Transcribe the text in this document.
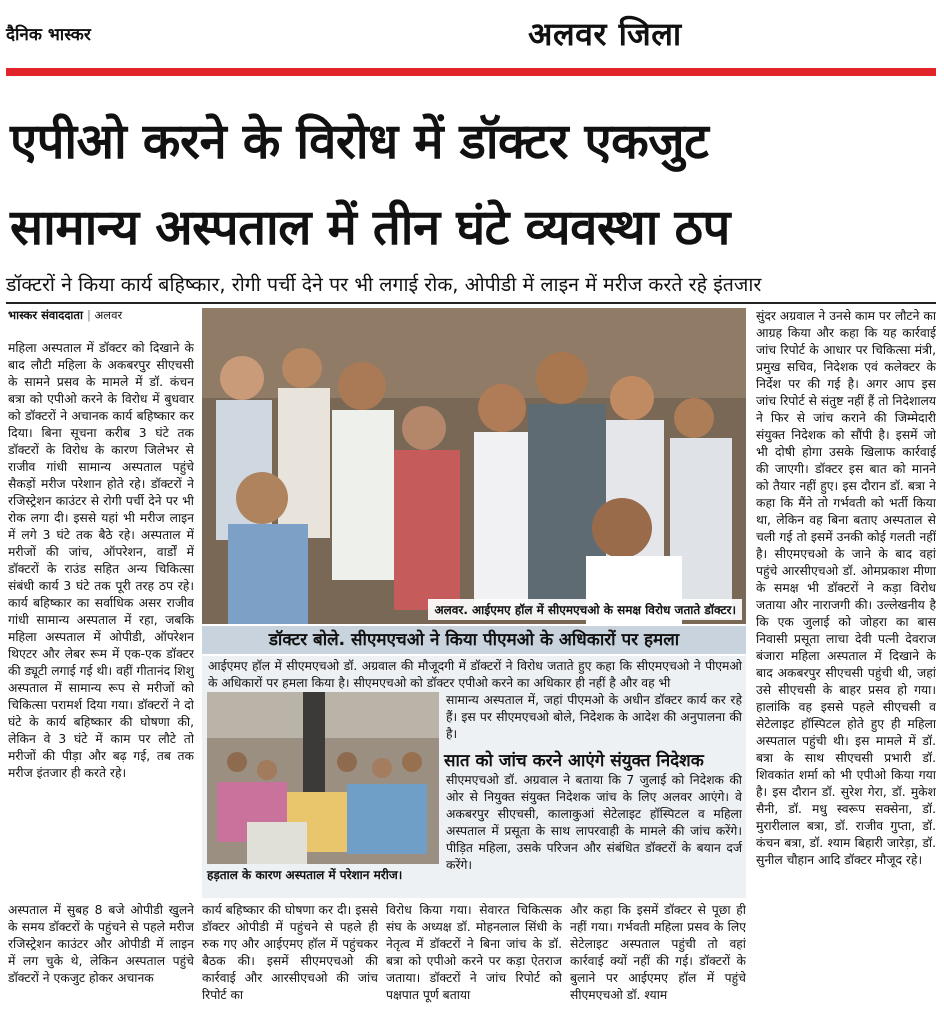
दैनिक भास्कर	अलवर जिला
एपीओ करने के विरोध में डॉक्टर एकजुट
सामान्य अस्पताल में तीन घंटे व्यवस्था ठप
डॉक्टरों ने किया कार्य बहिष्कार, रोगी पर्ची देने पर भी लगाई रोक, ओपीडी में लाइन में मरीज करते रहे इंतजार
भास्कर संवाददाता | अलवर

महिला अस्पताल में डॉक्टर को दिखाने के बाद लौटी महिला के अकबरपुर सीएचसी के सामने प्रसव के मामले में डॉ. कंचन बत्रा को एपीओ करने के विरोध में बुधवार को डॉक्टरों ने अचानक कार्य बहिष्कार कर दिया। बिना सूचना करीब 3 घंटे तक डॉक्टरों के विरोध के कारण जिलेभर से राजीव गांधी सामान्य अस्पताल पहुंचे सैकड़ों मरीज परेशान होते रहे। डॉक्टरों ने रजिस्ट्रेशन काउंटर से रोगी पर्ची देने पर भी रोक लगा दी। इससे यहां भी मरीज लाइन में लगे 3 घंटे तक बैठे रहे। अस्पताल में मरीजों की जांच, ऑपरेशन, वार्डों में डॉक्टरों के राउंड सहित अन्य चिकित्सा संबंधी कार्य 3 घंटे तक पूरी तरह ठप रहे। कार्य बहिष्कार का सर्वाधिक असर राजीव गांधी सामान्य अस्पताल में रहा, जबकि महिला अस्पताल में ओपीडी, ऑपरेशन थिएटर और लेबर रूम में एक-एक डॉक्टर की ड्यूटी लगाई गई थी। वहीं गीतानंद शिशु अस्पताल में सामान्य रूप से मरीजों को चिकित्सा परामर्श दिया गया। डॉक्टरों ने दो घंटे के कार्य बहिष्कार की घोषणा की, लेकिन वे 3 घंटे में काम पर लौटे तो मरीजों की पीड़ा और बढ़ गई, तब तक मरीज इंतजार ही करते रहे।

अलवर. आईएमए हॉल में सीएमएचओ के समक्ष विरोध जताते डॉक्टर।
डॉक्टर बोले. सीएमएचओ ने किया पीएमओ के अधिकारों पर हमला
आईएमए हॉल में सीएमएचओ डॉ. अग्रवाल की मौजूदगी में डॉक्टरों ने विरोध जताते हुए कहा कि सीएमएचओ ने पीएमओ के अधिकारों पर हमला किया है। सीएमएचओ को डॉक्टर एपीओ करने का अधिकार ही नहीं है और वह भी
हड़ताल के कारण अस्पताल में परेशान मरीज।
सामान्य अस्पताल में, जहां पीएमओ के अधीन डॉक्टर कार्य कर रहे हैं। इस पर सीएमएचओ बोले, निदेशक के आदेश की अनुपालना की है।
सात को जांच करने आएंगे संयुक्त निदेशक
सीएमएचओ डॉ. अग्रवाल ने बताया कि 7 जुलाई को निदेशक की ओर से नियुक्त संयुक्त निदेशक जांच के लिए अलवर आएंगे। वे अकबरपुर सीएचसी, कालाकुआं सेटेलाइट हॉस्पिटल व महिला अस्पताल में प्रसूता के साथ लापरवाही के मामले की जांच करेंगे। पीड़ित महिला, उसके परिजन और संबंधित डॉक्टरों के बयान दर्ज करेंगे।
अस्पताल में सुबह 8 बजे ओपीडी खुलने के समय डॉक्टरों के पहुंचने से पहले मरीज रजिस्ट्रेशन काउंटर और ओपीडी में लाइन में लग चुके थे, लेकिन अस्पताल पहुंचे डॉक्टरों ने एकजुट होकर अचानक
कार्य बहिष्कार की घोषणा कर दी। इससे डॉक्टर ओपीडी में पहुंचने से पहले ही रुक गए और आईएमए हॉल में पहुंचकर बैठक की। इसमें सीएमएचओ की कार्रवाई और आरसीएचओ की जांच रिपोर्ट का
विरोध किया गया। सेवारत चिकित्सक संघ के अध्यक्ष डॉ. मोहनलाल सिंधी के नेतृत्व में डॉक्टरों ने बिना जांच के डॉ. बत्रा को एपीओ करने पर कड़ा ऐतराज जताया। डॉक्टरों ने जांच रिपोर्ट को पक्षपात पूर्ण बताया
और कहा कि इसमें डॉक्टर से पूछा ही नहीं गया। गर्भवती महिला प्रसव के लिए सेटेलाइट अस्पताल पहुंची तो वहां कार्रवाई क्यों नहीं की गई। डॉक्टरों के बुलाने पर आईएमए हॉल में पहुंचे सीएमएचओ डॉ. श्याम

सुंदर अग्रवाल ने उनसे काम पर लौटने का आग्रह किया और कहा कि यह कार्रवाई जांच रिपोर्ट के आधार पर चिकित्सा मंत्री, प्रमुख सचिव, निदेशक एवं कलेक्टर के निर्देश पर की गई है। अगर आप इस जांच रिपोर्ट से संतुष्ट नहीं हैं तो निदेशालय ने फिर से जांच कराने की जिम्मेदारी संयुक्त निदेशक को सौंपी है। इसमें जो भी दोषी होगा उसके खिलाफ कार्रवाई की जाएगी। डॉक्टर इस बात को मानने को तैयार नहीं हुए। इस दौरान डॉ. बत्रा ने कहा कि मैंने तो गर्भवती को भर्ती किया था, लेकिन वह बिना बताए अस्पताल से चली गई तो इसमें उनकी कोई गलती नहीं है। सीएमएचओ के जाने के बाद वहां पहुंचे आरसीएचओ डॉ. ओमप्रकाश मीणा के समक्ष भी डॉक्टरों ने कड़ा विरोध जताया और नाराजगी की। उल्लेखनीय है कि एक जुलाई को जोहरा का बास निवासी प्रसूता लाचा देवी पत्नी देवराज बंजारा महिला अस्पताल में दिखाने के बाद अकबरपुर सीएचसी पहुंची थी, जहां उसे सीएचसी के बाहर प्रसव हो गया। हालांकि वह इससे पहले सीएचसी व सेटेलाइट हॉस्पिटल होते हुए ही महिला अस्पताल पहुंची थी। इस मामले में डॉ. बत्रा के साथ सीएचसी प्रभारी डॉ. शिवकांत शर्मा को भी एपीओ किया गया है। इस दौरान डॉ. सुरेश गेरा, डॉ. मुकेश सैनी, डॉ. मधु स्वरूप सक्सेना, डॉ. मुरारीलाल बत्रा, डॉ. राजीव गुप्ता, डॉ. कंचन बत्रा, डॉ. श्याम बिहारी जारेड़ा, डॉ. सुनील चौहान आदि डॉक्टर मौजूद रहे।
